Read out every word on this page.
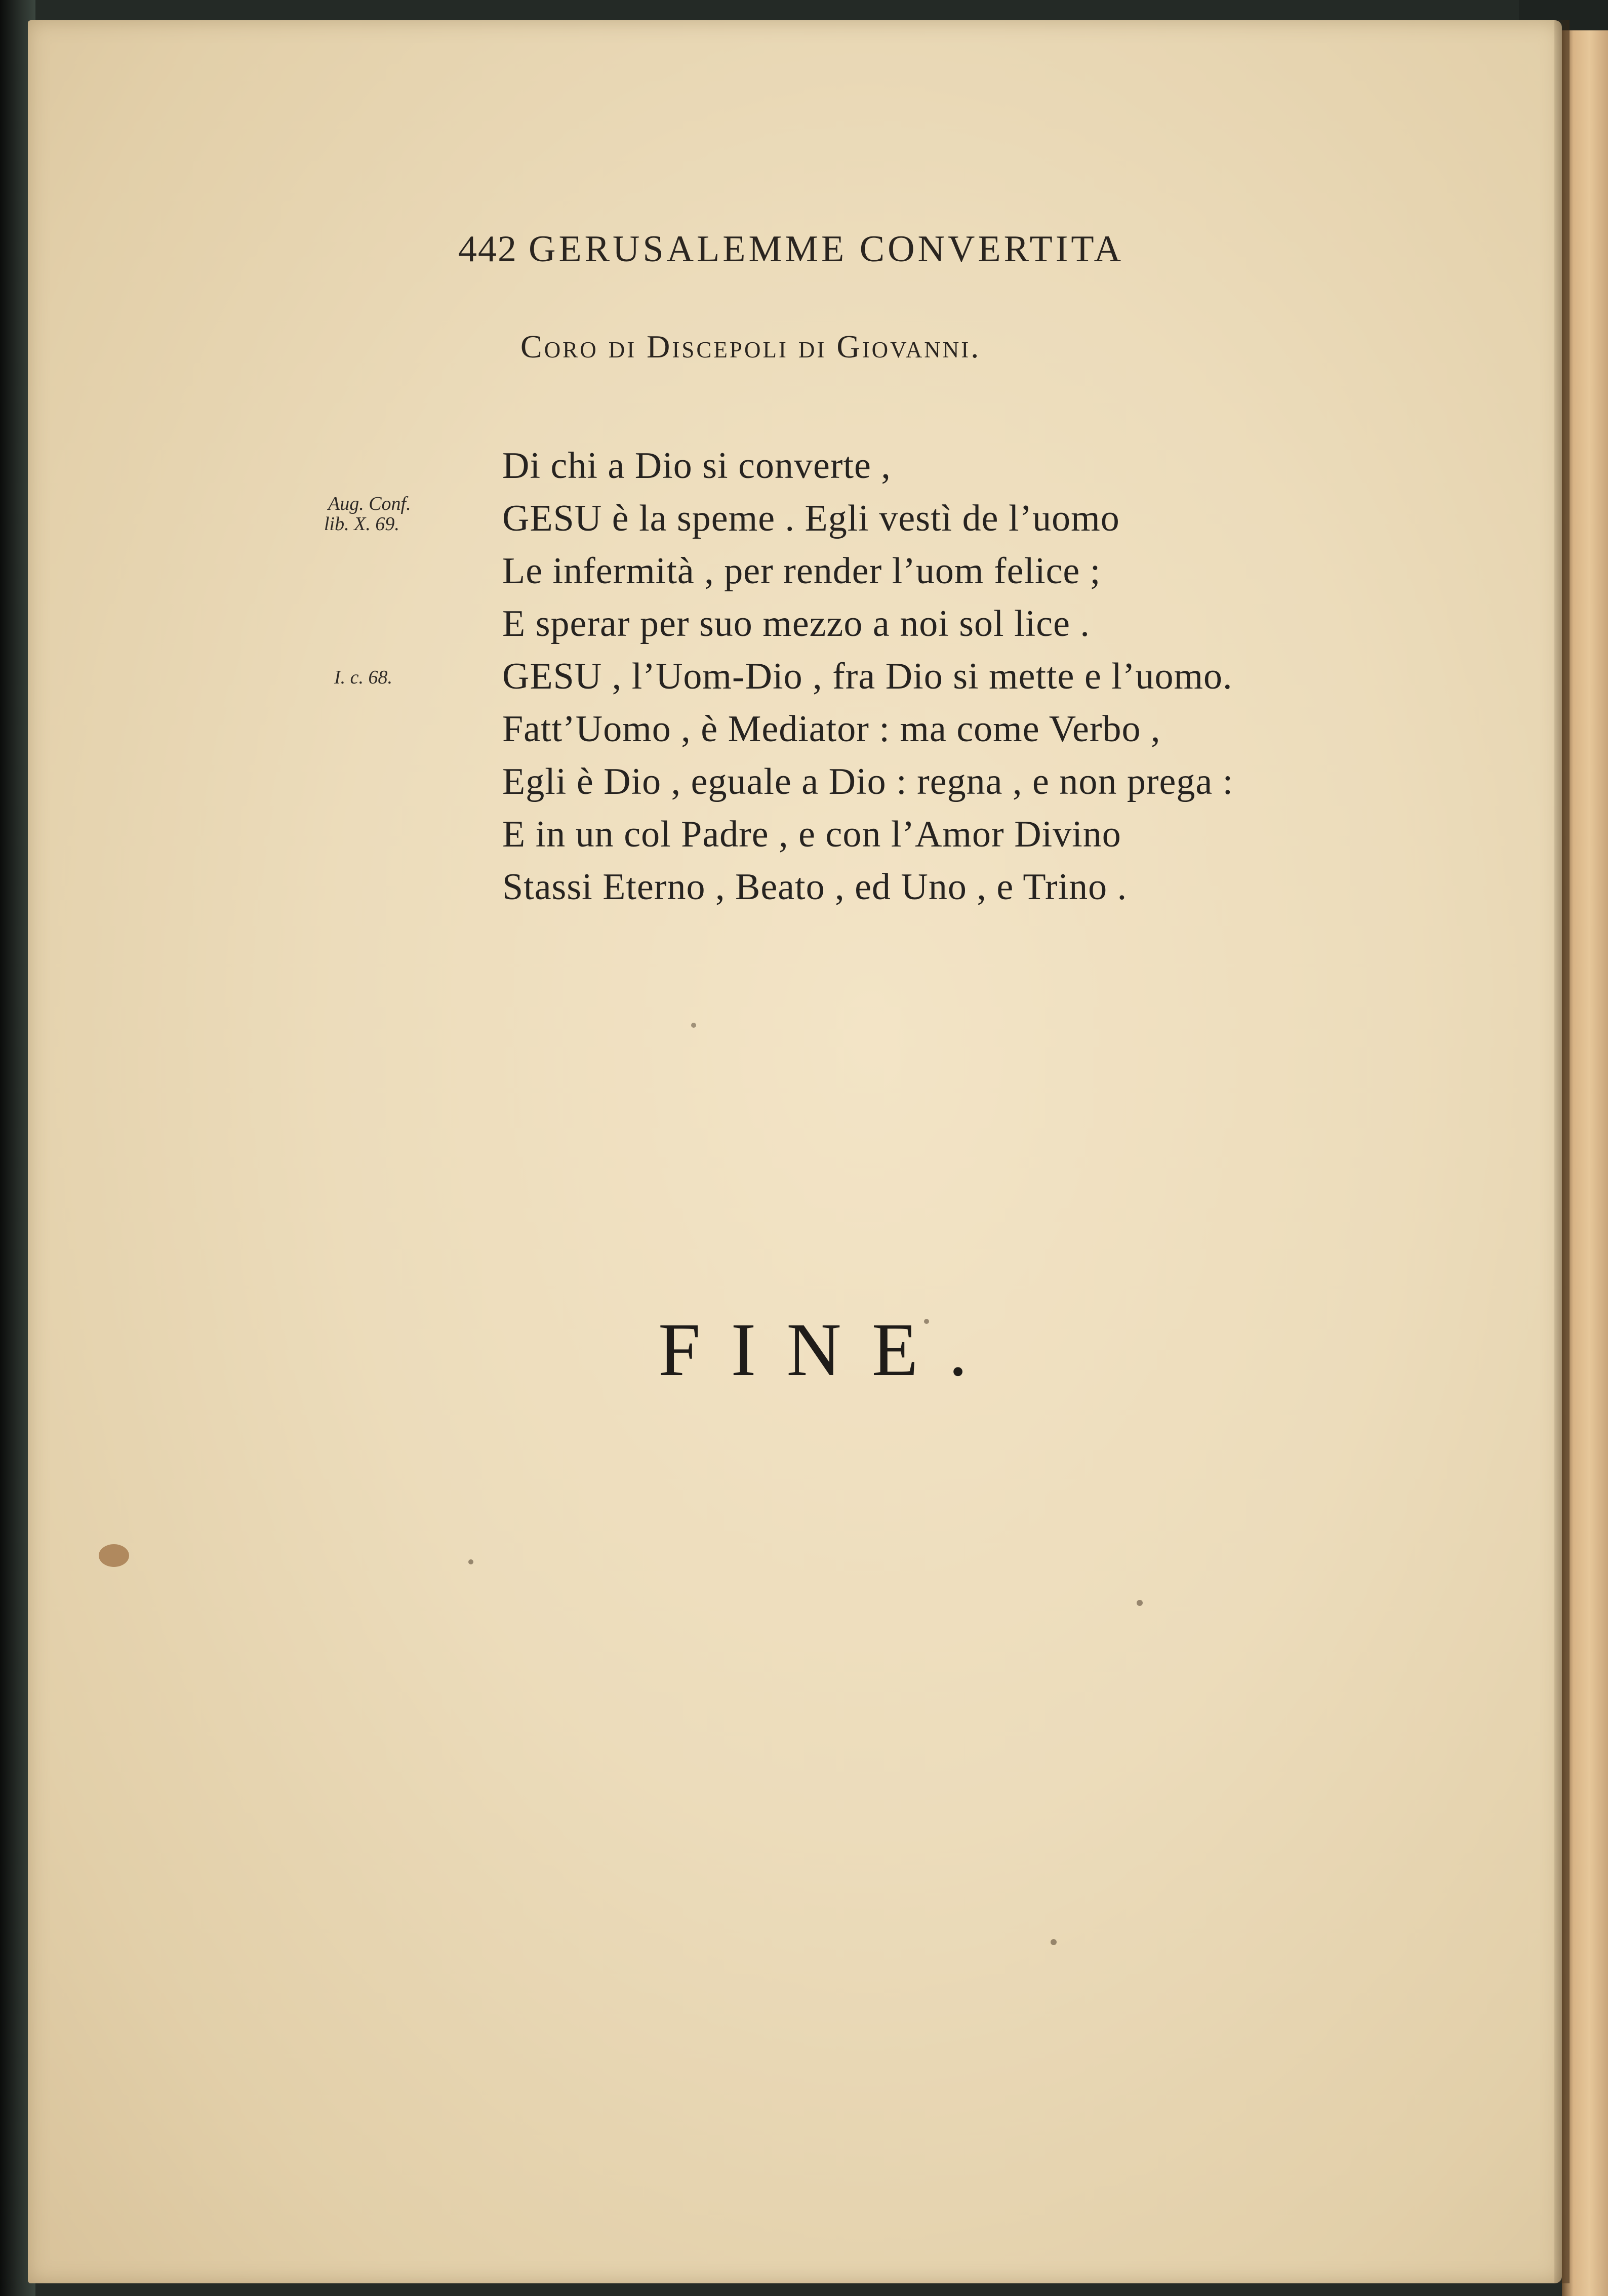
442 GERUSALEMME CONVERTITA
Coro di Discepoli di Giovanni.
Aug. Conf.
lib. X. 69.
I. c. 68.
Di chi a Dio si converte ,
GESU è la speme . Egli vestì de l’uomo
Le infermità , per render l’uom felice ;
E sperar per suo mezzo a noi sol lice .
GESU , l’Uom-Dio , fra Dio si mette e l’uomo.
Fatt’Uomo , è Mediator : ma come Verbo ,
Egli è Dio , eguale a Dio : regna , e non prega :
E in un col Padre , e con l’Amor Divino
Stassi Eterno , Beato , ed Uno , e Trino .
FINE.
